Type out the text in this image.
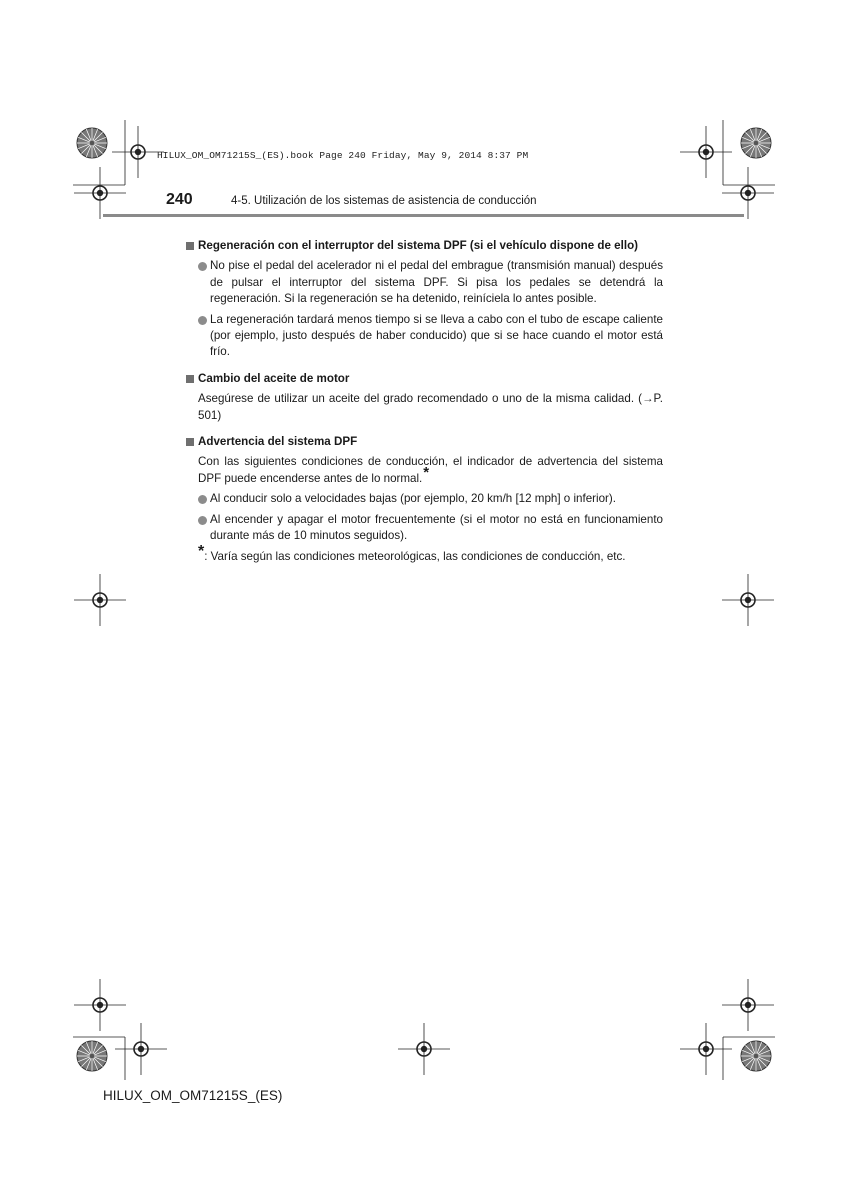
HILUX_OM_OM71215S_(ES).book Page 240 Friday, May 9, 2014 8:37 PM
240	4-5. Utilización de los sistemas de asistencia de conducción
Regeneración con el interruptor del sistema DPF (si el vehículo dispone de ello)
No pise el pedal del acelerador ni el pedal del embrague (transmisión manual) después de pulsar el interruptor del sistema DPF. Si pisa los pedales se detendrá la regeneración. Si la regeneración se ha detenido, reiníciela lo antes posible.
La regeneración tardará menos tiempo si se lleva a cabo con el tubo de escape caliente (por ejemplo, justo después de haber conducido) que si se hace cuando el motor está frío.
Cambio del aceite de motor
Asegúrese de utilizar un aceite del grado recomendado o uno de la misma calidad. (→P. 501)
Advertencia del sistema DPF
Con las siguientes condiciones de conducción, el indicador de advertencia del sistema DPF puede encenderse antes de lo normal.*
Al conducir solo a velocidades bajas (por ejemplo, 20 km/h [12 mph] o inferior).
Al encender y apagar el motor frecuentemente (si el motor no está en funcionamiento durante más de 10 minutos seguidos).
*: Varía según las condiciones meteorológicas, las condiciones de conducción, etc.
HILUX_OM_OM71215S_(ES)
